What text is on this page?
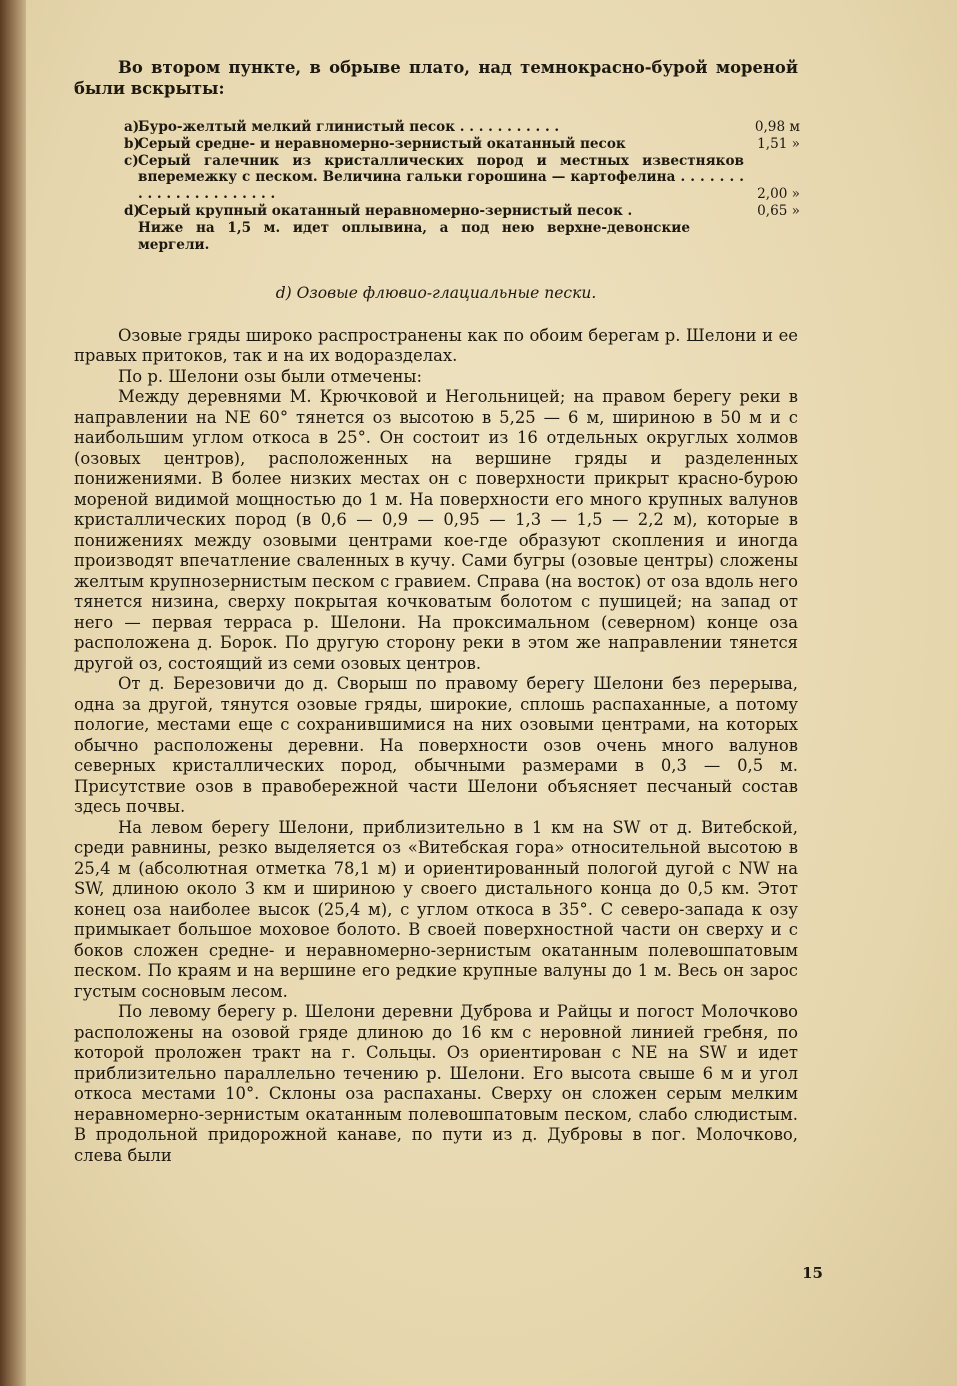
Во втором пункте, в обрыве плато, над темнокрасно-бурой мореной были вскрыты:

a)
Буро-желтый мелкий глинистый песок . . . . . . . . . . .	0,98 м
b)
Серый средне- и неравномерно-зернистый окатанный песок	1,51 »
c) Серый галечник из кристаллических пород и местных известняков вперемежку с песком. Величина гальки горошина — картофелина . . . . . . . . . . . . . . . . . . . . . .	2,00 »
d)
Серый крупный окатанный неравномерно-зернистый песок .	0,65 »
Ниже на 1,5 м. идет оплывина, а под нею верхне-девонские мергели.
d) Озовые флювио-глациальные пески.

Озовые гряды широко распространены как по обоим берегам р. Шелони и ее правых притоков, так и на их водоразделах.

По р. Шелони озы были отмечены:

Между деревнями М. Крючковой и Негольницей; на правом берегу реки в направлении на NE 60° тянется оз высотою в 5,25 — 6 м, шириною в 50 м и с наибольшим углом откоса в 25°. Он состоит из 16 отдельных округлых холмов (озовых центров), расположенных на вершине гряды и разделенных понижениями. В более низких местах он с поверхности прикрыт красно-бурою мореной видимой мощностью до 1 м. На поверхности его много крупных валунов кристаллических пород (в 0,6 — 0,9 — 0,95 — 1,3 — 1,5 — 2,2 м), которые в понижениях между озовыми центрами кое-где образуют скопления и иногда производят впечатление сваленных в кучу. Сами бугры (озовые центры) сложены желтым крупнозернистым песком с гравием. Справа (на восток) от оза вдоль него тянется низина, сверху покрытая кочковатым болотом с пушицей; на запад от него — первая терраса р. Шелони. На проксимальном (северном) конце оза расположена д. Борок. По другую сторону реки в этом же направлении тянется другой оз, состоящий из семи озовых центров.

От д. Березовичи до д. Сворыш по правому берегу Шелони без перерыва, одна за другой, тянутся озовые гряды, широкие, сплошь распаханные, а потому пологие, местами еще с сохранившимися на них озовыми центрами, на которых обычно расположены деревни. На поверхности озов очень много валунов северных кристаллических пород, обычными размерами в 0,3 — 0,5 м. Присутствие озов в правобережной части Шелони объясняет песчаный состав здесь почвы.

На левом берегу Шелони, приблизительно в 1 км на SW от д. Витебской, среди равнины, резко выделяется оз «Витебская гора» относительной высотою в 25,4 м (абсолютная отметка 78,1 м) и ориентированный пологой дугой с NW на SW, длиною около 3 км и шириною у своего дистального конца до 0,5 км. Этот конец оза наиболее высок (25,4 м), с углом откоса в 35°. С северо-запада к озу примыкает большое моховое болото. В своей поверхностной части он сверху и с боков сложен средне- и неравномерно-зернистым окатанным полевошпатовым песком. По краям и на вершине его редкие крупные валуны до 1 м. Весь он зарос густым сосновым лесом.

По левому берегу р. Шелони деревни Дуброва и Райцы и погост Молочково расположены на озовой гряде длиною до 16 км с неровной линией гребня, по которой проложен тракт на г. Сольцы. Оз ориентирован с NE на SW и идет приблизительно параллельно течению р. Шелони. Его высота свыше 6 м и угол откоса местами 10°. Склоны оза распаханы. Сверху он сложен серым мелким неравномерно-зернистым окатанным полевошпатовым песком, слабо слюдистым. В продольной придорожной канаве, по пути из д. Дубровы в пог. Молочково, слева были

15
